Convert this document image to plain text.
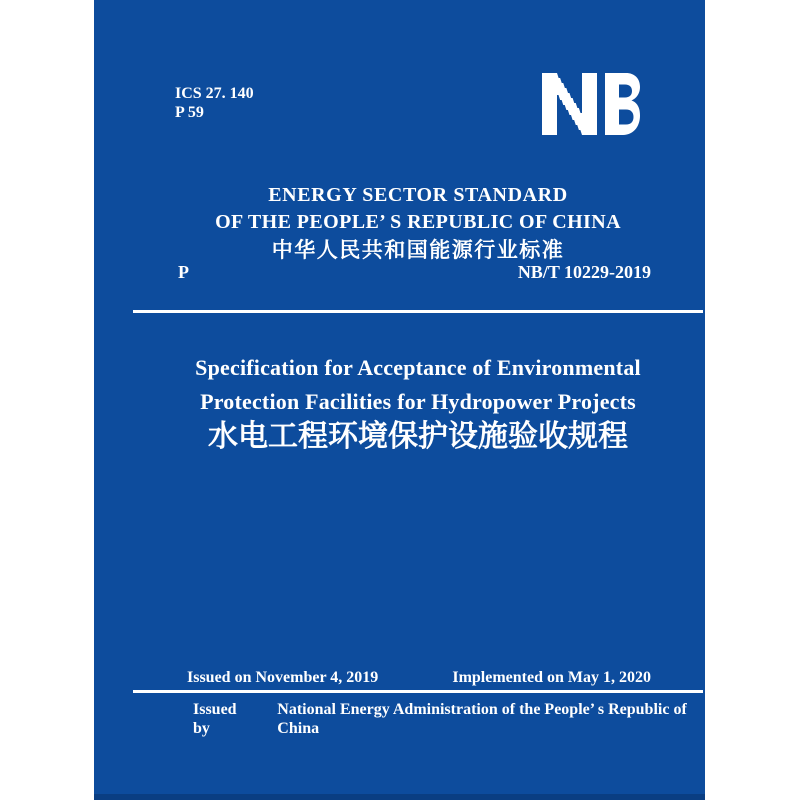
ICS 27. 140
P 59
ENERGY SECTOR STANDARD
OF THE PEOPLE’ S REPUBLIC OF CHINA
中华人民共和国能源行业标准
P	NB/T 10229-2019
Specification for Acceptance of Environmental
Protection Facilities for Hydropower Projects
水电工程环境保护设施验收规程
Issued on November 4, 2019	Implemented on May 1, 2020
Issued by
National Energy Administration of the People’ s Republic of China
